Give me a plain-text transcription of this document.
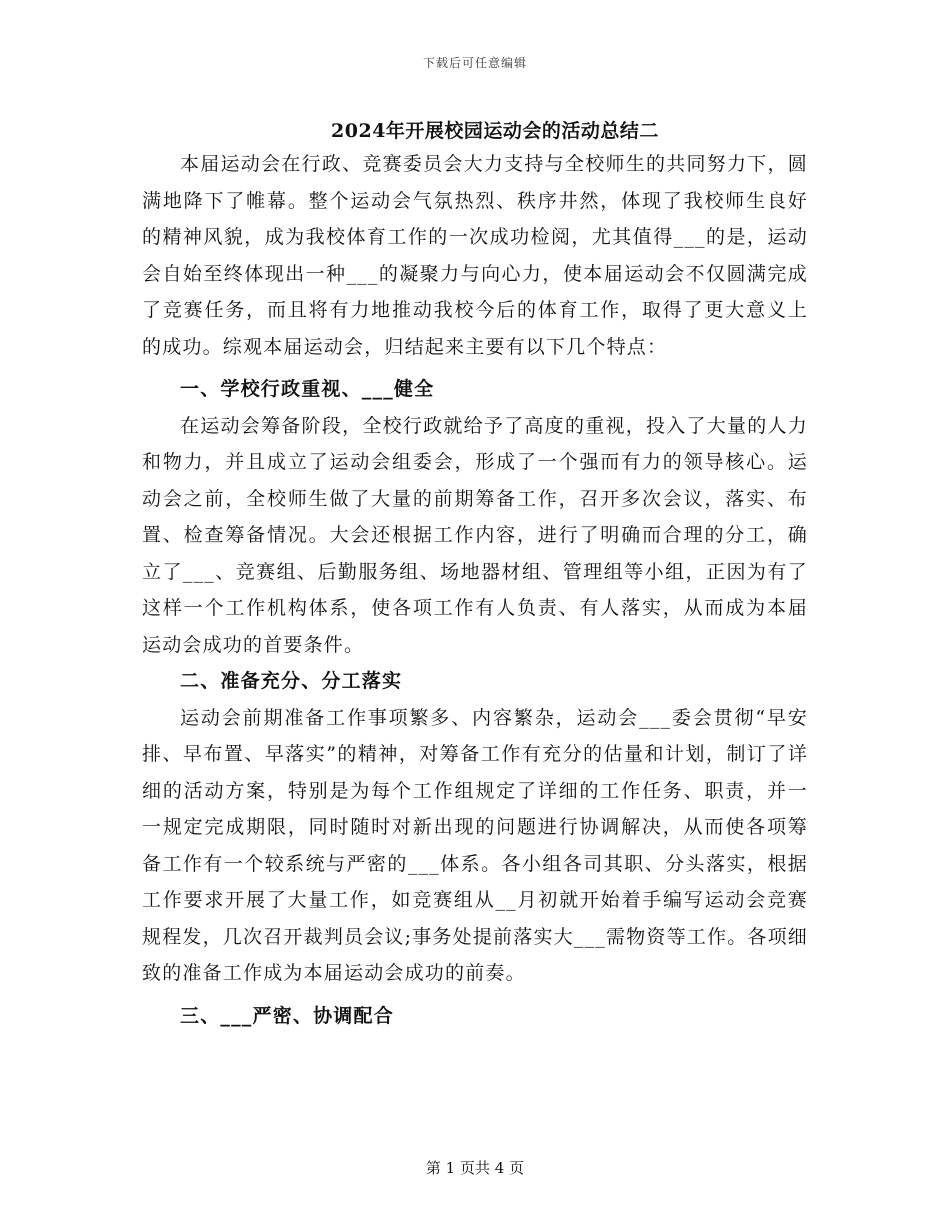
下载后可任意编辑
2024年开展校园运动会的活动总结二

本届运动会在行政、竞赛委员会大力支持与全校师生的共同努力下，圆满地降下了帷幕。整个运动会气氛热烈、秩序井然，体现了我校师生良好的精神风貌，成为我校体育工作的一次成功检阅，尤其值得___的是，运动会自始至终体现出一种___的凝聚力与向心力，使本届运动会不仅圆满完成了竞赛任务，而且将有力地推动我校今后的体育工作，取得了更大意义上的成功。综观本届运动会，归结起来主要有以下几个特点：

一、学校行政重视、___健全

在运动会筹备阶段，全校行政就给予了高度的重视，投入了大量的人力和物力，并且成立了运动会组委会，形成了一个强而有力的领导核心。运动会之前，全校师生做了大量的前期筹备工作，召开多次会议，落实、布置、检查筹备情况。大会还根据工作内容，进行了明确而合理的分工，确立了___、竞赛组、后勤服务组、场地器材组、管理组等小组，正因为有了这样一个工作机构体系，使各项工作有人负责、有人落实，从而成为本届运动会成功的首要条件。

二、准备充分、分工落实

运动会前期准备工作事项繁多、内容繁杂，运动会___委会贯彻“早安排、早布置、早落实”的精神，对筹备工作有充分的估量和计划，制订了详细的活动方案，特别是为每个工作组规定了详细的工作任务、职责，并一一规定完成期限，同时随时对新出现的问题进行协调解决，从而使各项筹备工作有一个较系统与严密的___体系。各小组各司其职、分头落实，根据工作要求开展了大量工作，如竞赛组从__月初就开始着手编写运动会竞赛规程发，几次召开裁判员会议;事务处提前落实大___需物资等工作。各项细致的准备工作成为本届运动会成功的前奏。

三、___严密、协调配合
第 1 页共 4 页
